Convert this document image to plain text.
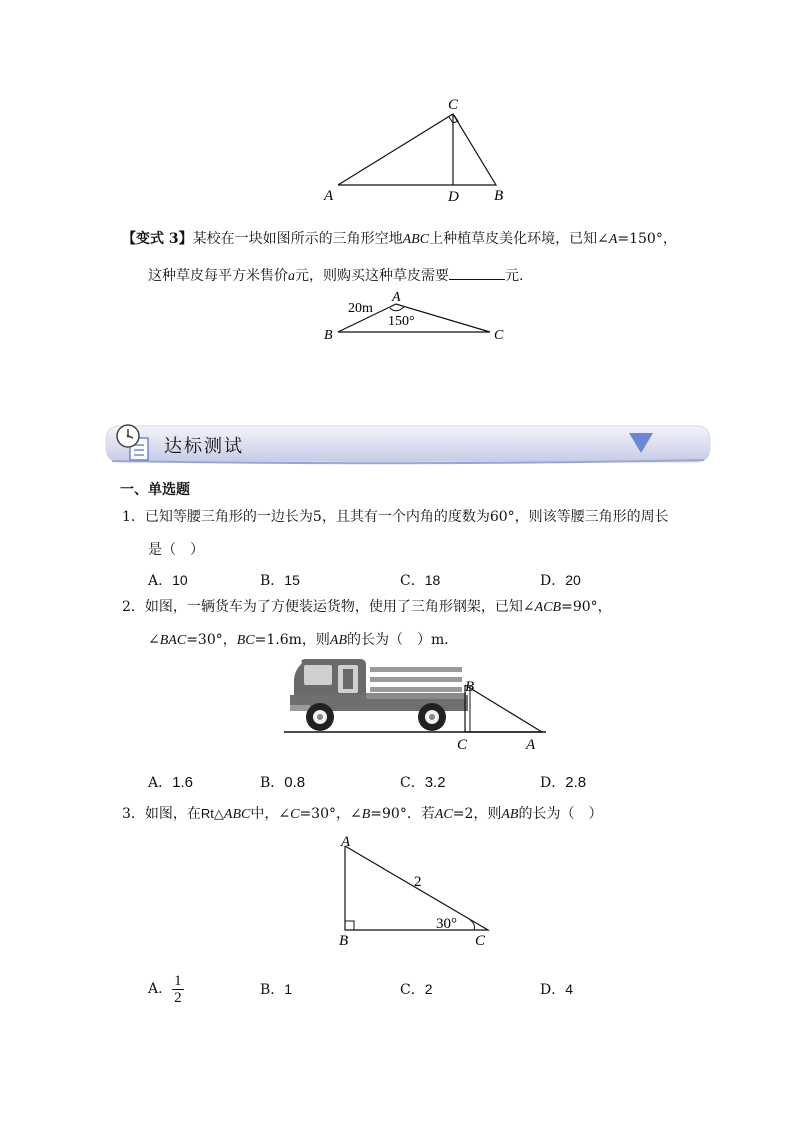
C
A	D B
【变式 3】某校在一块如图所示的三角形空地ABC上种植草皮美化环境，已知∠A=150°，
这种草皮每平方米售价a元，则购买这种草皮需要	元.
A
B	C
20m
150°
达标测试
一、单选题
1．已知等腰三角形的一边长为5，且其有一个内角的度数为60°，则该等腰三角形的周长
是（　）
A．10	B．15	C．18	D．20
2．如图，一辆货车为了方便装运货物，使用了三角形钢架，已知∠ACB=90°，
∠BAC=30°，BC=1.6m，则AB的长为（　）m．
B
C	A
A．1.6	B．0.8	C．3.2	D．2.8
3．如图，在Rt△ABC中，∠C=30°，∠B=90°．若AC=2，则AB的长为（　）
A
B	C
2
30°
A． $\frac{1}{2}$	B．1	C．2	D．4
